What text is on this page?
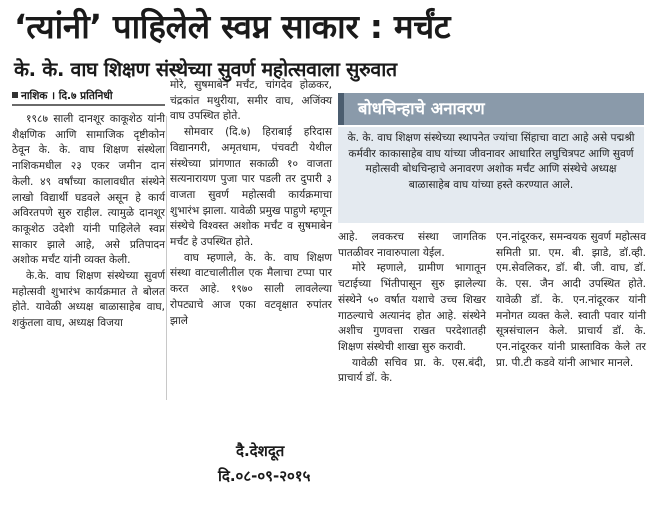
‘त्यांनी’ पाहिलेले स्वप्न साकार : मर्चंट
के. के. वाघ शिक्षण संस्थेच्या सुवर्ण महोत्सवाला सुरुवात
नाशिक । दि.७ प्रतिनिधी

१९८७ साली दानशूर काकूशेठ यांनी शैक्षणिक आणि सामाजिक दृष्टीकोन ठेवून के. के. वाघ शिक्षण संस्थेला नाशिकमधील २३ एकर जमीन दान केली. ४९ वर्षांच्या कालावधीत संस्थेने लाखो विद्यार्थी घडवले असून हे कार्य अविरतपणे सुरु राहील. त्यामुळे दानशूर काकूशेठ उदेशी यांनी पाहिलेले स्वप्न साकार झाले आहे, असे प्रतिपादन अशोक मर्चंट यांनी व्यक्त केली.

के.के. वाघ शिक्षण संस्थेच्या सुवर्ण महोत्सवी शुभारंभ कार्यक्रमात ते बोलत होते. यावेळी अध्यक्ष बाळासाहेब वाघ, शकुंतला वाघ, अध्यक्ष विजया

मोरे, सुषमाबेन मर्चंट, चांगदेव होळकर, चंद्रकांत मथुरीया, समीर वाघ, अजिंक्य वाघ उपस्थित होते.

सोमवार (दि.७) हिराबाई हरिदास विद्यानगरी, अमृतधाम, पंचवटी येथील संस्थेच्या प्रांगणात सकाळी १० वाजता सत्यनारायण पुजा पार पडली तर दुपारी ३ वाजता सुवर्ण महोत्सवी कार्यक्रमाचा शुभारंभ झाला. यावेळी प्रमुख पाहुणे म्हणून संस्थेचे विश्वस्त अशोक मर्चंट व सुषमाबेन मर्चंट हे उपस्थित होते.

वाघ म्हणाले, के. के. वाघ शिक्षण संस्था वाटचालीतील एक मैलाचा टप्पा पार करत आहे. १९७० साली लावलेल्या रोपट्याचे आज एका वटवृक्षात रुपांतर झाले

बोधचिन्हाचे अनावरण
के. के. वाघ शिक्षण संस्थेच्या स्थापनेत ज्यांचा सिंहाचा वाटा आहे असे पद्मश्री कर्मवीर काकासाहेब वाघ यांच्या जीवनावर आधारित लघुचित्रपट आणि सुवर्ण महोत्सवी बोधचिन्हाचे अनावरण अशोक मर्चंट आणि संस्थेचे अध्यक्ष बाळासाहेब वाघ यांच्या हस्ते करण्यात आले.

आहे. लवकरच संस्था जागतिक पातळीवर नावारुपाला येईल.

मोरे म्हणाले, ग्रामीण भागातून चटाईच्या भिंतीपासून सुरु झालेल्या संस्थेने ५० वर्षात यशाचे उच्च शिखर गाठल्याचे अत्यानंद होत आहे. संस्थेने अशीच गुणवत्ता राखत परदेशातही शिक्षण संस्थेची शाखा सुरु करावी.

यावेळी सचिव प्रा. के. एस.बंदी, प्राचार्य डॉ. के.

एन.नांदूरकर, समन्वयक सुवर्ण महोत्सव समिती प्रा. एम. बी. झाडे, डॉ.व्ही. एम.सेवलिकर, डॉ. बी. जी. वाघ, डॉ. के. एस. जैन आदी उपस्थित होते. यावेळी डॉ. के. एन.नांदूरकर यांनी मनोगत व्यक्त केले. स्वाती पवार यांनी सूत्रसंचालन केले. प्राचार्य डॉ. के. एन.नांदूरकर यांनी प्रास्ताविक केले तर प्रा. पी.टी कडवे यांनी आभार मानले.

दै.देशदूत
दि.०८-०९-२०१५
